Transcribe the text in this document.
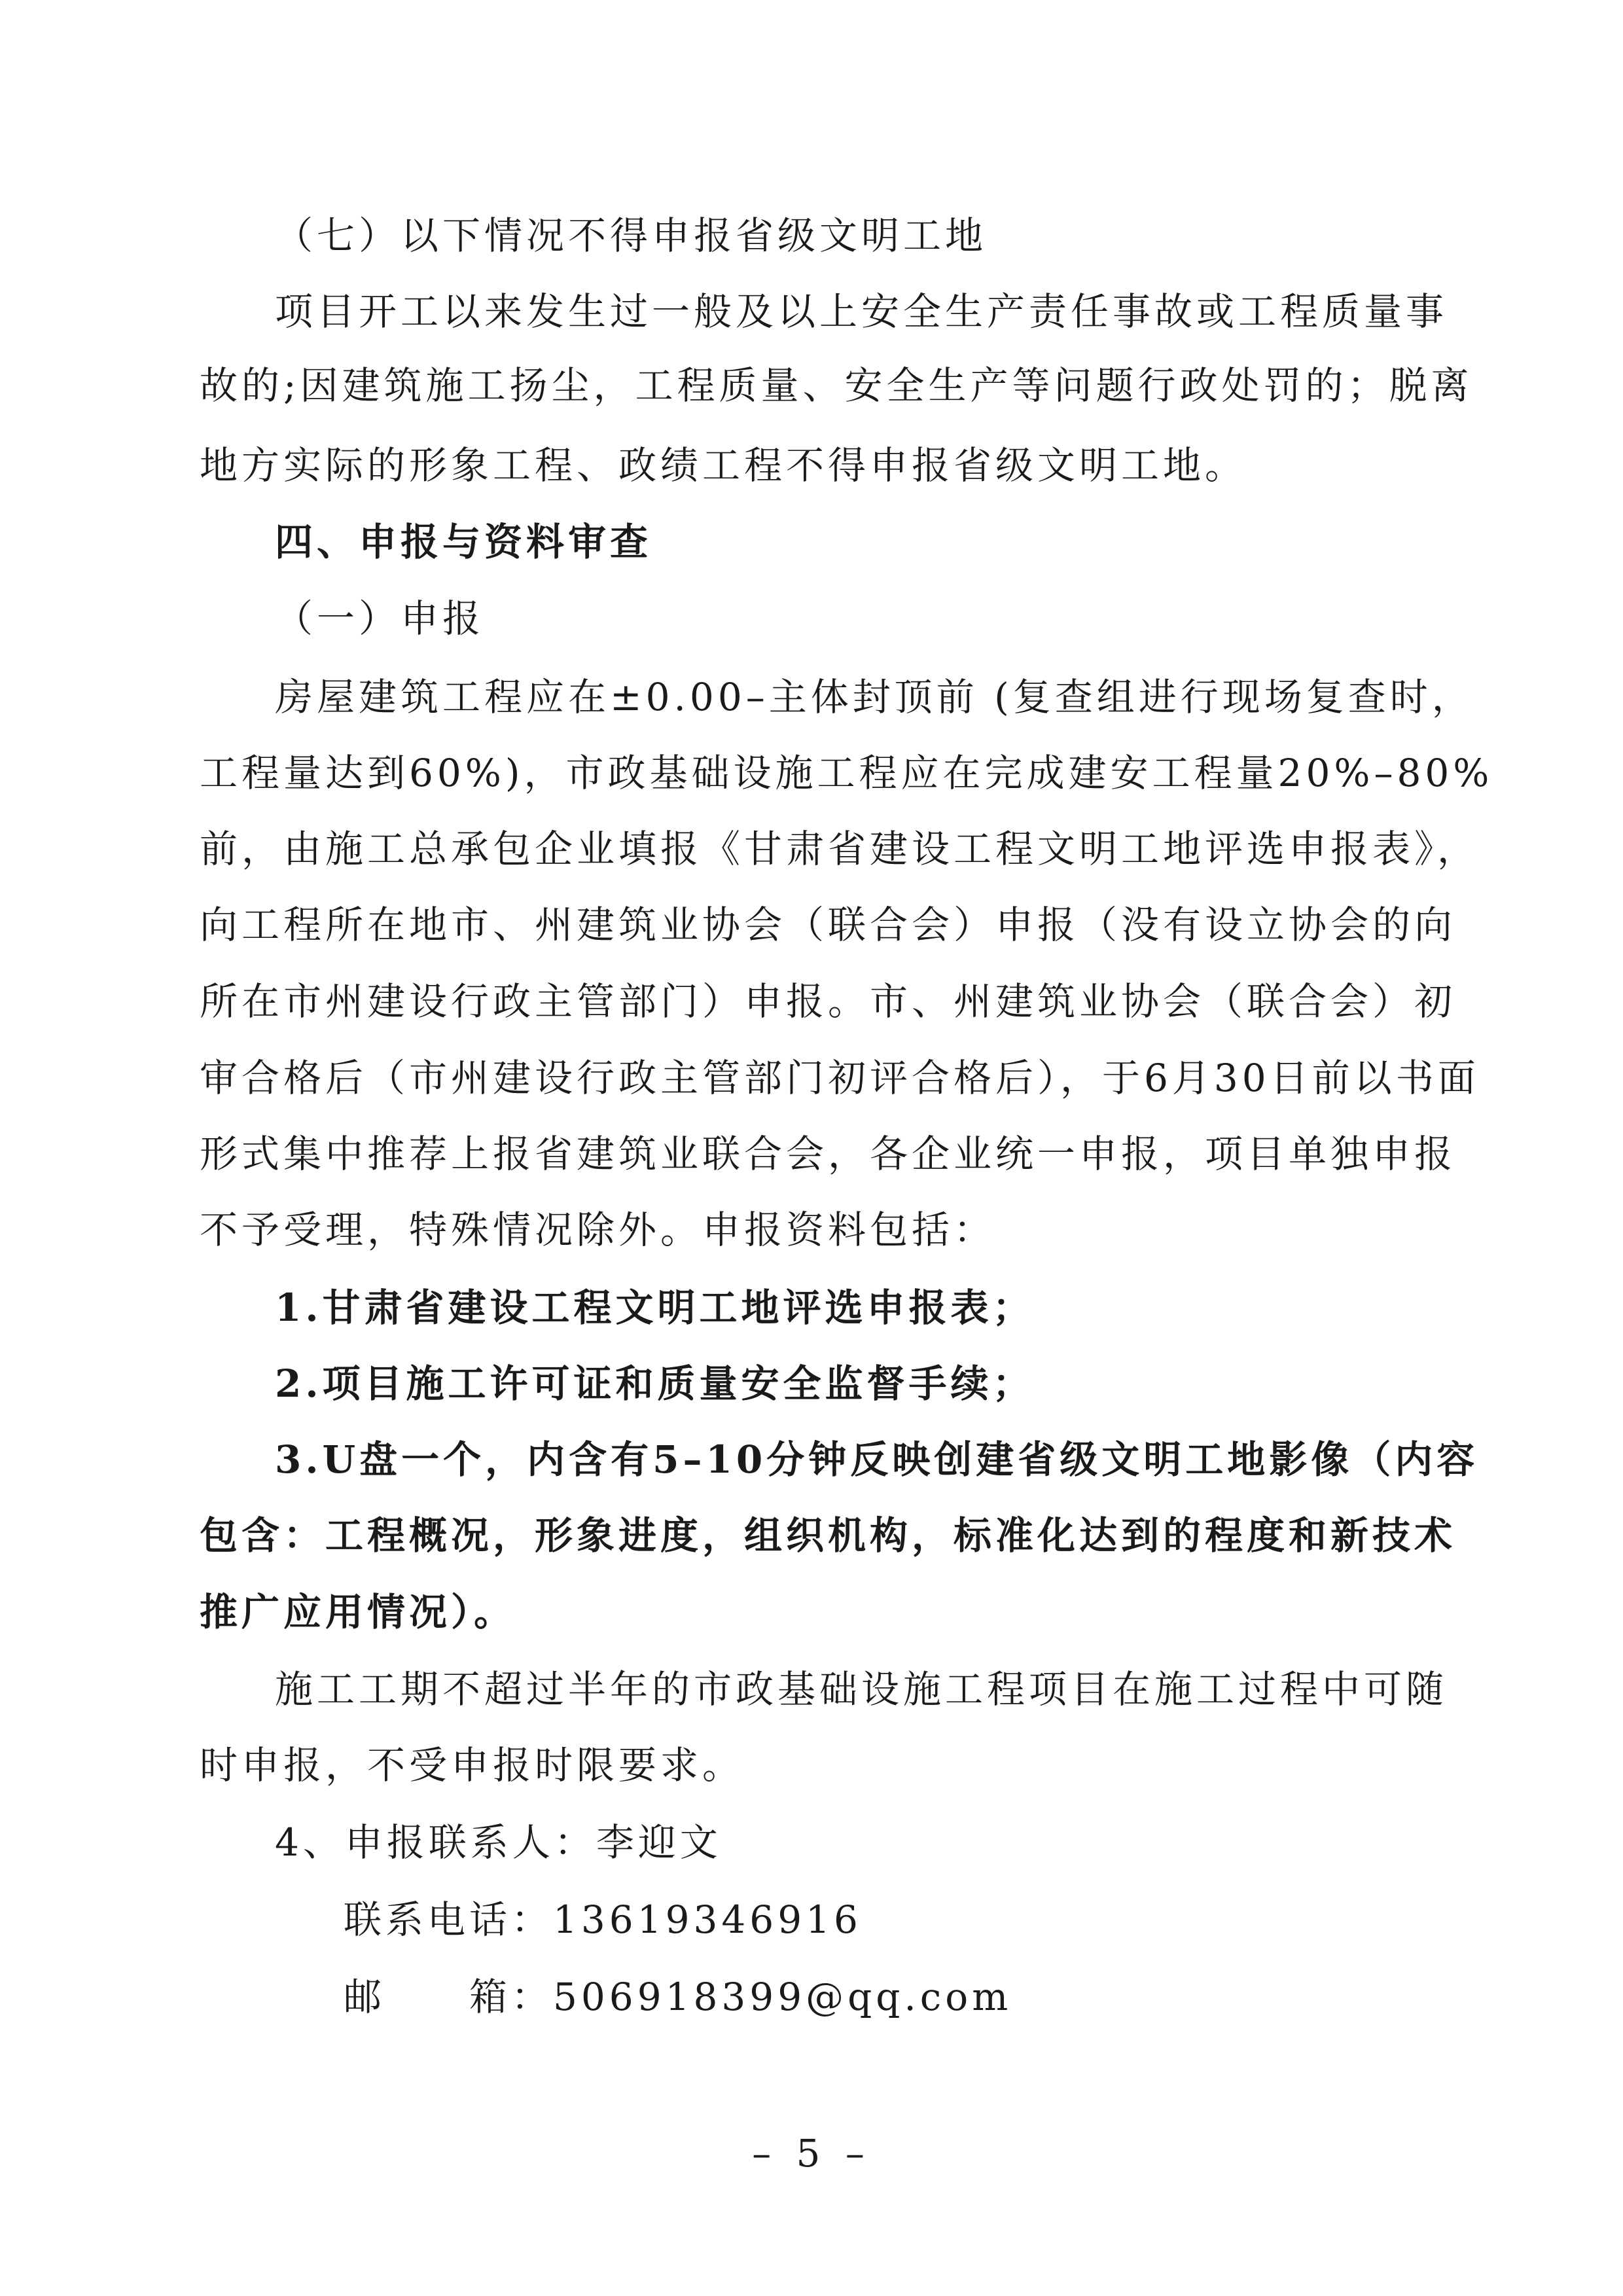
（七）以下情况不得申报省级文明工地
项目开工以来发生过一般及以上安全生产责任事故或工程质量事
故的;因建筑施工扬尘，工程质量、安全生产等问题行政处罚的；脱离
地方实际的形象工程、政绩工程不得申报省级文明工地。
四、申报与资料审查
（一）申报
房屋建筑工程应在±0.00–主体封顶前 (复查组进行现场复查时，
工程量达到60%)，市政基础设施工程应在完成建安工程量20%–80%
前，由施工总承包企业填报《甘肃省建设工程文明工地评选申报表》，
向工程所在地市、州建筑业协会（联合会）申报（没有设立协会的向
所在市州建设行政主管部门）申报。市、州建筑业协会（联合会）初
审合格后（市州建设行政主管部门初评合格后），于6月30日前以书面
形式集中推荐上报省建筑业联合会，各企业统一申报，项目单独申报
不予受理，特殊情况除外。申报资料包括：
1.甘肃省建设工程文明工地评选申报表；
2.项目施工许可证和质量安全监督手续；
3.U盘一个，内含有5–10分钟反映创建省级文明工地影像（内容
包含：工程概况，形象进度，组织机构，标准化达到的程度和新技术
推广应用情况）。
施工工期不超过半年的市政基础设施工程项目在施工过程中可随
时申报，不受申报时限要求。
4、申报联系人：李迎文
联系电话：13619346916
邮　　箱：506918399@qq.com
– 5 –
